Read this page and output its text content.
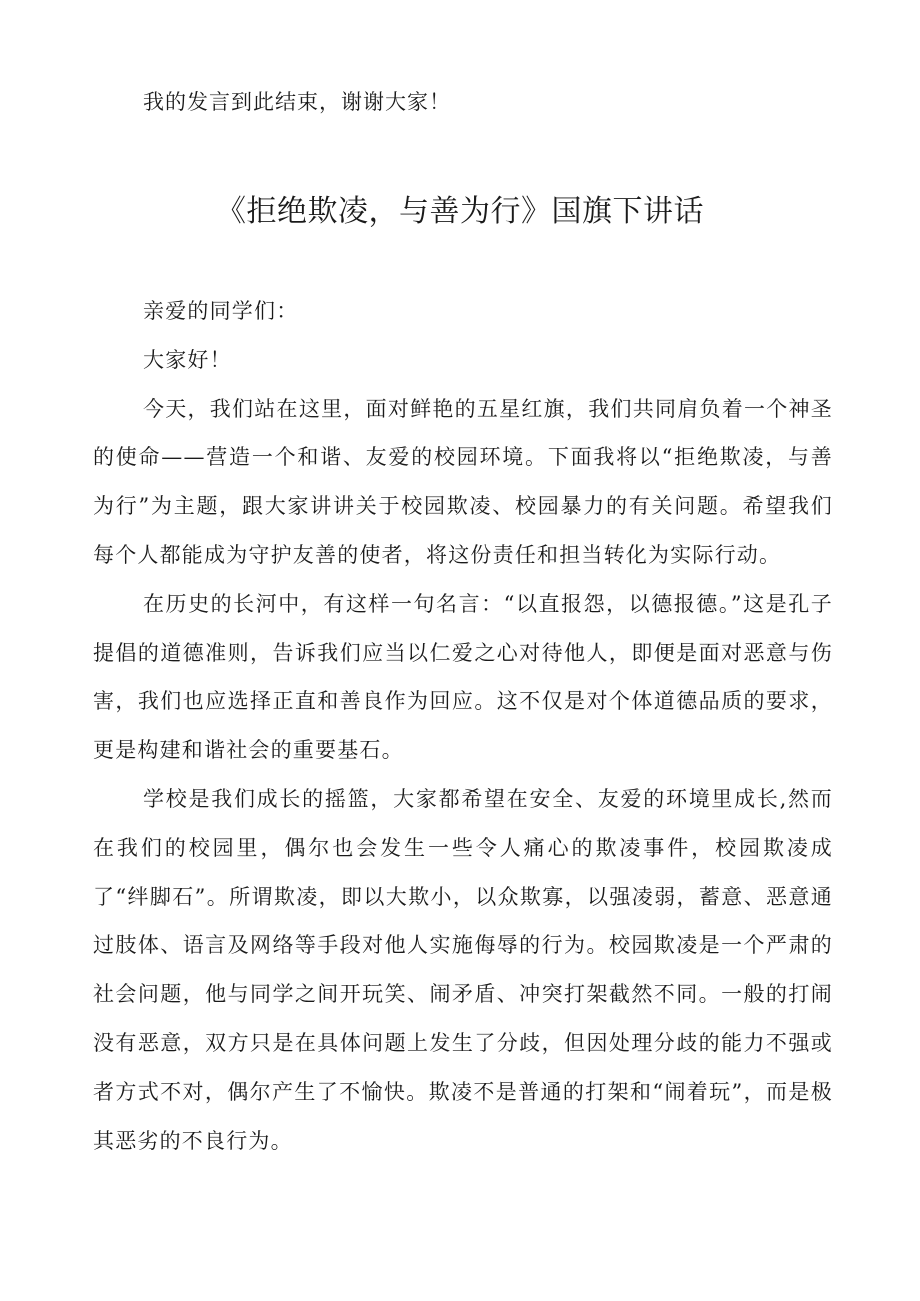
我的发言到此结束，谢谢大家！
《拒绝欺凌，与善为行》国旗下讲话

亲爱的同学们：

大家好！

今天，我们站在这里，面对鲜艳的五星红旗，我们共同肩负着一个神圣的使命——营造一个和谐、友爱的校园环境。下面我将以“拒绝欺凌，与善为行”为主题，跟大家讲讲关于校园欺凌、校园暴力的有关问题。希望我们每个人都能成为守护友善的使者，将这份责任和担当转化为实际行动。

在历史的长河中，有这样一句名言：“以直报怨，以德报德。”这是孔子提倡的道德准则，告诉我们应当以仁爱之心对待他人，即便是面对恶意与伤害，我们也应选择正直和善良作为回应。这不仅是对个体道德品质的要求，更是构建和谐社会的重要基石。

学校是我们成长的摇篮，大家都希望在安全、友爱的环境里成长,然而在我们的校园里，偶尔也会发生一些令人痛心的欺凌事件，校园欺凌成了“绊脚石”。所谓欺凌，即以大欺小，以众欺寡，以强凌弱，蓄意、恶意通过肢体、语言及网络等手段对他人实施侮辱的行为。校园欺凌是一个严肃的社会问题，他与同学之间开玩笑、闹矛盾、冲突打架截然不同。一般的打闹没有恶意，双方只是在具体问题上发生了分歧，但因处理分歧的能力不强或者方式不对，偶尔产生了不愉快。欺凌不是普通的打架和“闹着玩”，而是极其恶劣的不良行为。
